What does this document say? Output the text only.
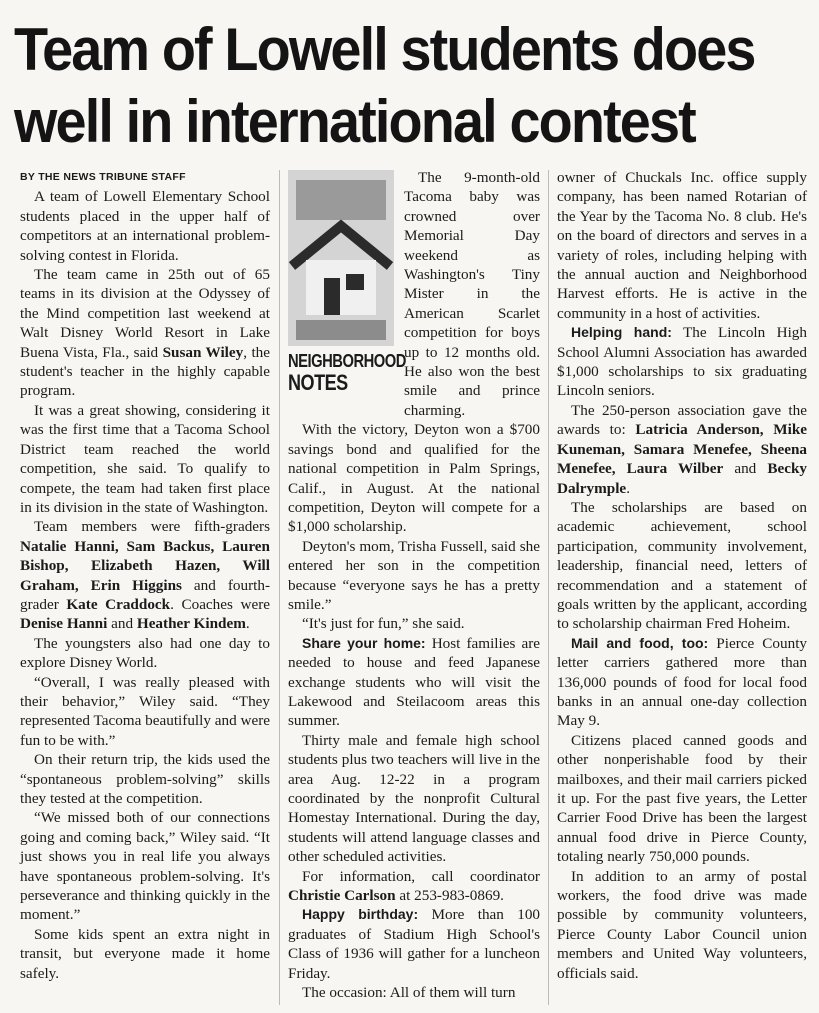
Team of Lowell students does
well in international contest

BY THE NEWS TRIBUNE STAFF

A team of Lowell Elementary School students placed in the upper half of competitors at an international problem-solving contest in Florida.

The team came in 25th out of 65 teams in its division at the Odyssey of the Mind competition last weekend at Walt Disney World Resort in Lake Buena Vista, Fla., said Susan Wiley, the student's teacher in the highly capable program.

It was a great showing, considering it was the first time that a Tacoma School District team reached the world competition, she said. To qualify to compete, the team had taken first place in its division in the state of Washington.

Team members were fifth-graders Natalie Hanni, Sam Backus, Lauren Bishop, Elizabeth Hazen, Will Graham, Erin Higgins and fourth-grader Kate Craddock. Coaches were Denise Hanni and Heather Kindem.

The youngsters also had one day to explore Disney World.

“Overall, I was really pleased with their behavior,” Wiley said. “They represented Tacoma beautifully and were fun to be with.”

On their return trip, the kids used the “spontaneous problem-solving” skills they tested at the competition.

“We missed both of our connections going and coming back,” Wiley said. “It just shows you in real life you always have spontaneous problem-solving. It's perseverance and thinking quickly in the moment.”

Some kids spent an extra night in transit, but everyone made it home safely.

NEIGHBORHOOD
NOTES

The 9-month-old Tacoma baby was crowned over Memorial Day weekend as Washington's Tiny Mister in the American Scarlet competition for boys up to 12 months old. He also won the best smile and prince charming.

With the victory, Deyton won a $700 savings bond and qualified for the national competition in Palm Springs, Calif., in August. At the national competition, Deyton will compete for a $1,000 scholarship.

Deyton's mom, Trisha Fussell, said she entered her son in the competition because “everyone says he has a pretty smile.”

“It's just for fun,” she said.

Share your home: Host families are needed to house and feed Japanese exchange students who will visit the Lakewood and Steilacoom areas this summer.

Thirty male and female high school students plus two teachers will live in the area Aug. 12-22 in a program coordinated by the nonprofit Cultural Homestay International. During the day, students will attend language classes and other scheduled activities.

For information, call coordinator Christie Carlson at 253-983-0869.

Happy birthday: More than 100 graduates of Stadium High School's Class of 1936 will gather for a luncheon Friday.

The occasion: All of them will turn

owner of Chuckals Inc. office supply company, has been named Rotarian of the Year by the Tacoma No. 8 club. He's on the board of directors and serves in a variety of roles, including helping with the annual auction and Neighborhood Harvest efforts. He is active in the community in a host of activities.

Helping hand: The Lincoln High School Alumni Association has awarded $1,000 scholarships to six graduating Lincoln seniors.

The 250-person association gave the awards to: Latricia Anderson, Mike Kuneman, Samara Menefee, Sheena Menefee, Laura Wilber and Becky Dalrymple.

The scholarships are based on academic achievement, school participation, community involvement, leadership, financial need, letters of recommendation and a statement of goals written by the applicant, according to scholarship chairman Fred Hoheim.

Mail and food, too: Pierce County letter carriers gathered more than 136,000 pounds of food for local food banks in an annual one-day collection May 9.

Citizens placed canned goods and other nonperishable food by their mailboxes, and their mail carriers picked it up. For the past five years, the Letter Carrier Food Drive has been the largest annual food drive in Pierce County, totaling nearly 750,000 pounds.

In addition to an army of postal workers, the food drive was made possible by community volunteers, Pierce County Labor Council union members and United Way volunteers, officials said.
